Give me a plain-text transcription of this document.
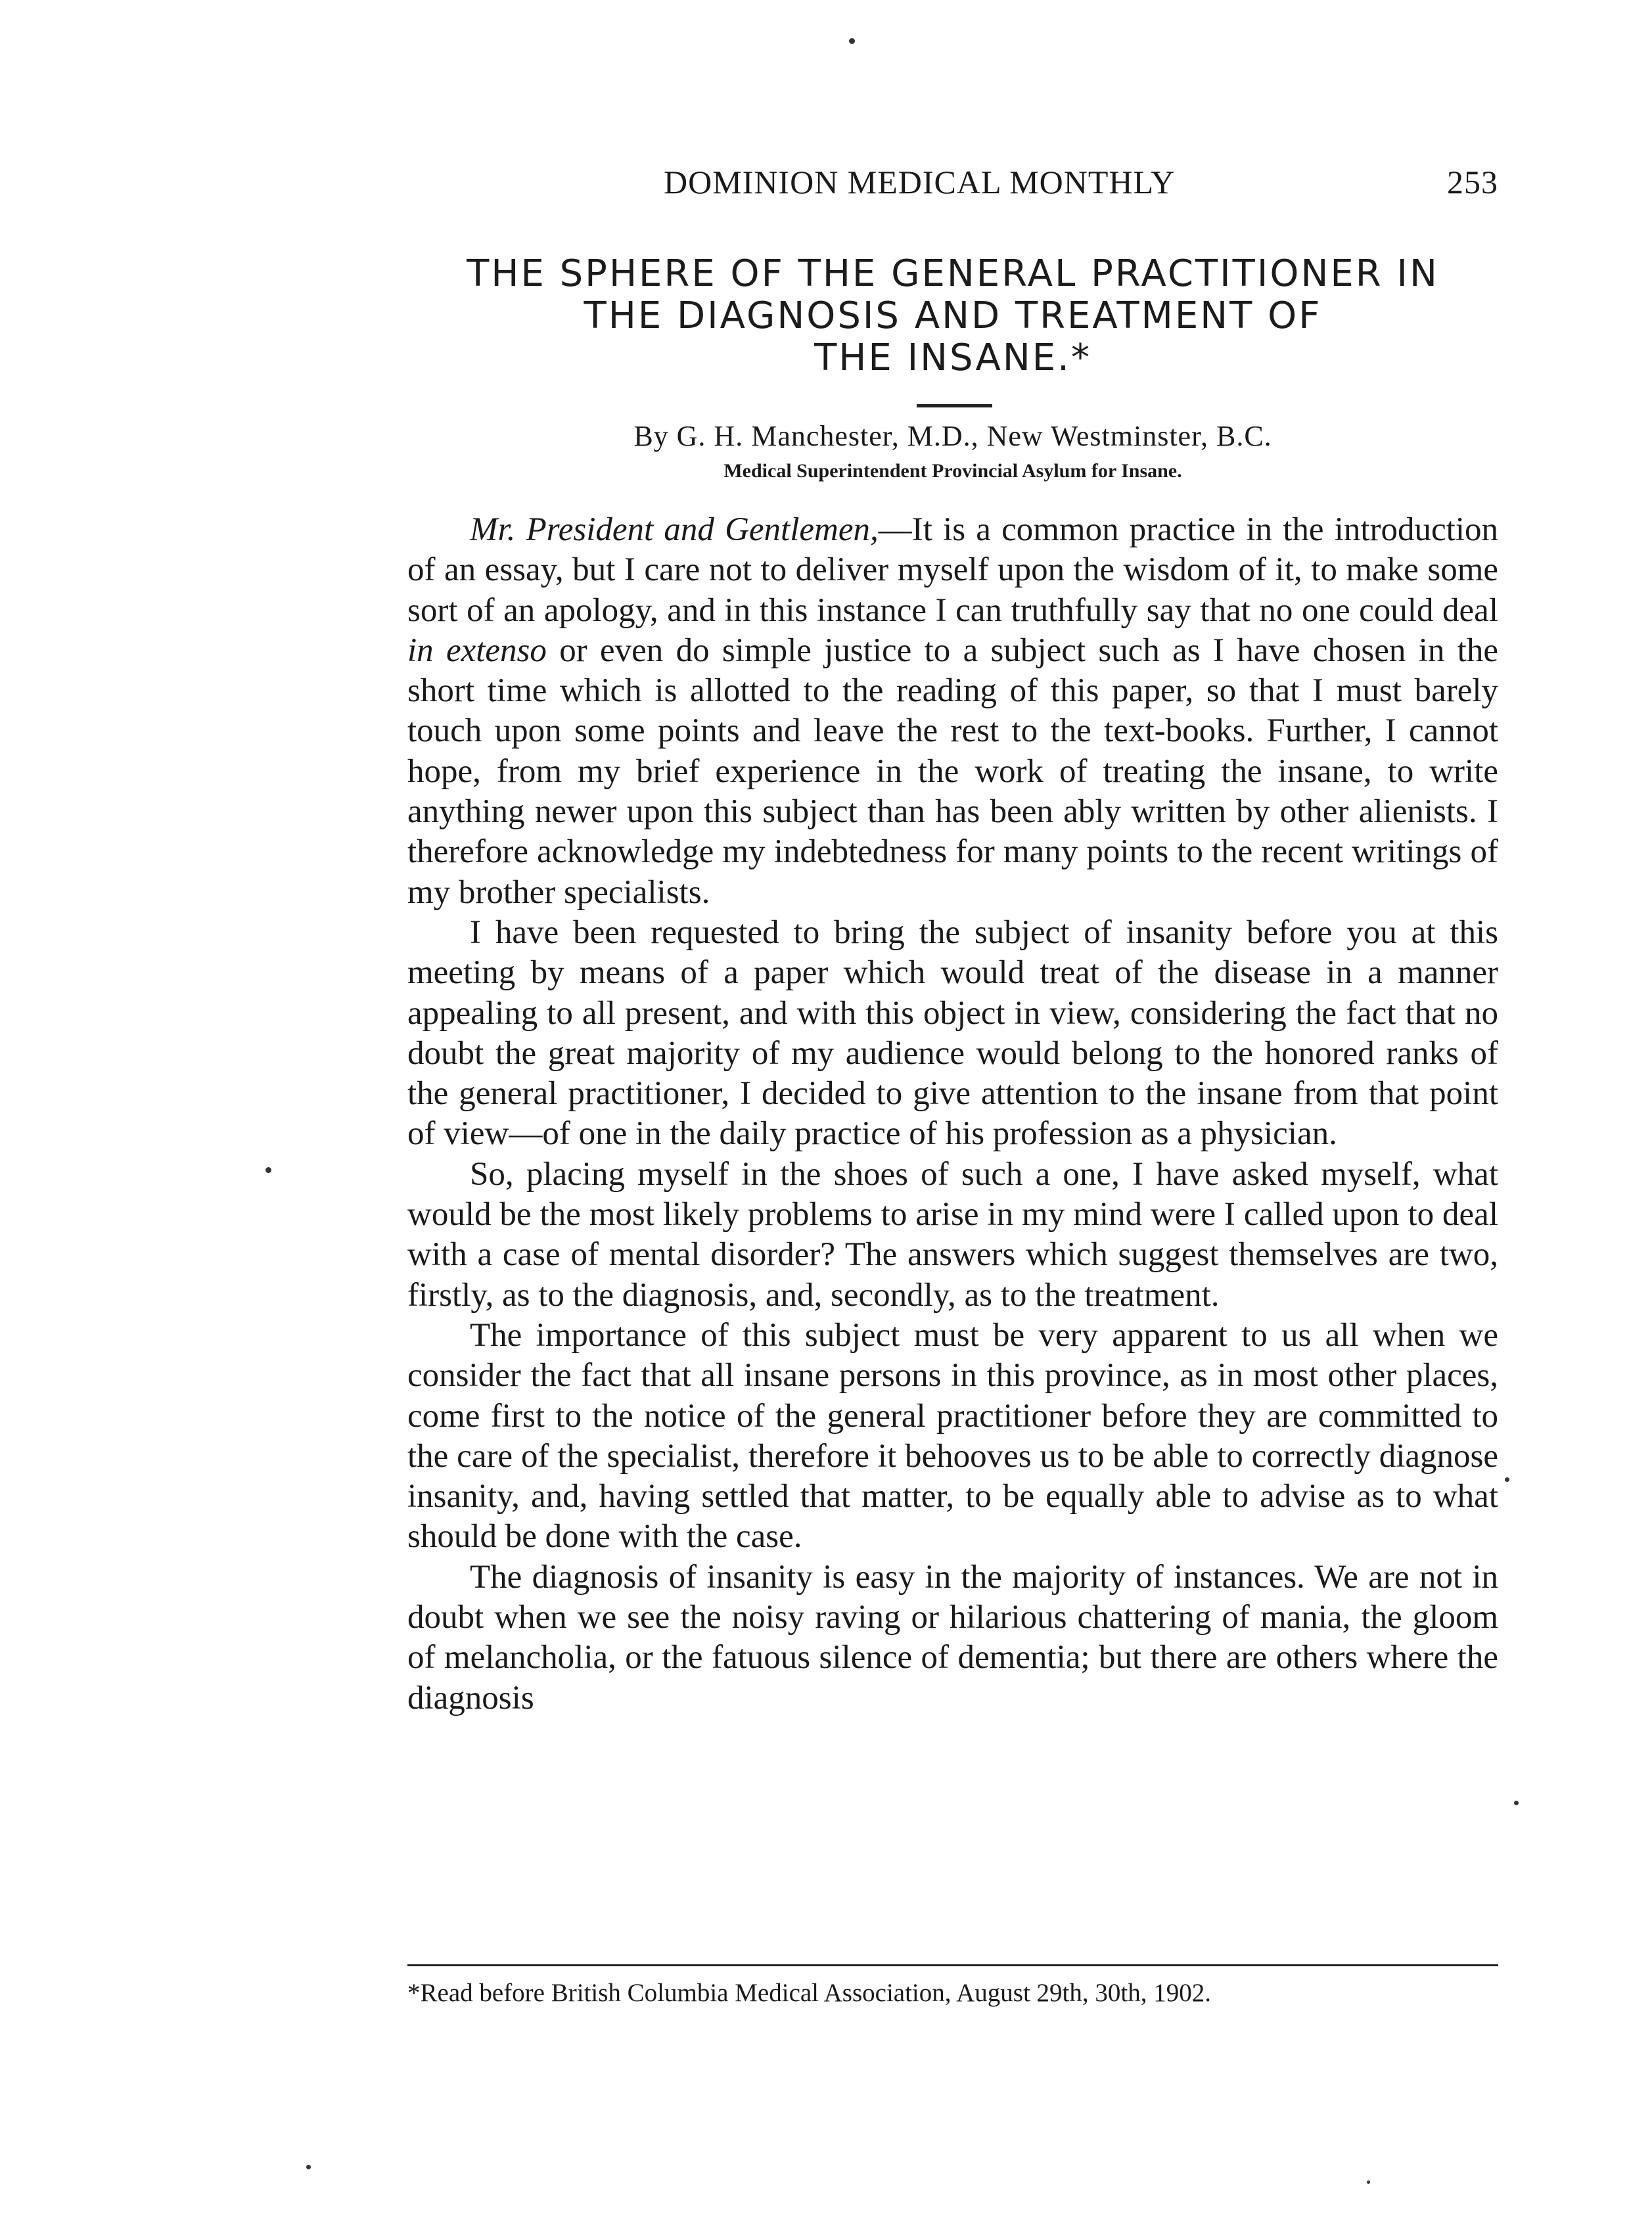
DOMINION MEDICAL MONTHLY	253
THE SPHERE OF THE GENERAL PRACTITIONER IN
THE DIAGNOSIS AND TREATMENT OF
THE INSANE.*
By G. H. Manchester, M.D., New Westminster, B.C.
Medical Superintendent Provincial Asylum for Insane.

Mr. President and Gentlemen,—It is a common practice in the introduction of an essay, but I care not to deliver myself upon the wisdom of it, to make some sort of an apology, and in this instance I can truthfully say that no one could deal in extenso or even do simple justice to a subject such as I have chosen in the short time which is allotted to the reading of this paper, so that I must barely touch upon some points and leave the rest to the text-books. Further, I cannot hope, from my brief experience in the work of treating the insane, to write anything newer upon this subject than has been ably written by other alienists. I therefore acknowledge my indebtedness for many points to the recent writings of my brother specialists.

I have been requested to bring the subject of insanity before you at this meeting by means of a paper which would treat of the disease in a manner appealing to all present, and with this object in view, considering the fact that no doubt the great majority of my audience would belong to the honored ranks of the general practitioner, I decided to give attention to the insane from that point of view—of one in the daily practice of his profession as a physician.

So, placing myself in the shoes of such a one, I have asked myself, what would be the most likely problems to arise in my mind were I called upon to deal with a case of mental disorder? The answers which suggest themselves are two, firstly, as to the diagnosis, and, secondly, as to the treatment.

The importance of this subject must be very apparent to us all when we consider the fact that all insane persons in this province, as in most other places, come first to the notice of the general practitioner before they are committed to the care of the specialist, therefore it behooves us to be able to correctly diagnose insanity, and, having settled that matter, to be equally able to advise as to what should be done with the case.

The diagnosis of insanity is easy in the majority of instances. We are not in doubt when we see the noisy raving or hilarious chattering of mania, the gloom of melancholia, or the fatuous silence of dementia; but there are others where the diagnosis

*Read before British Columbia Medical Association, August 29th, 30th, 1902.
